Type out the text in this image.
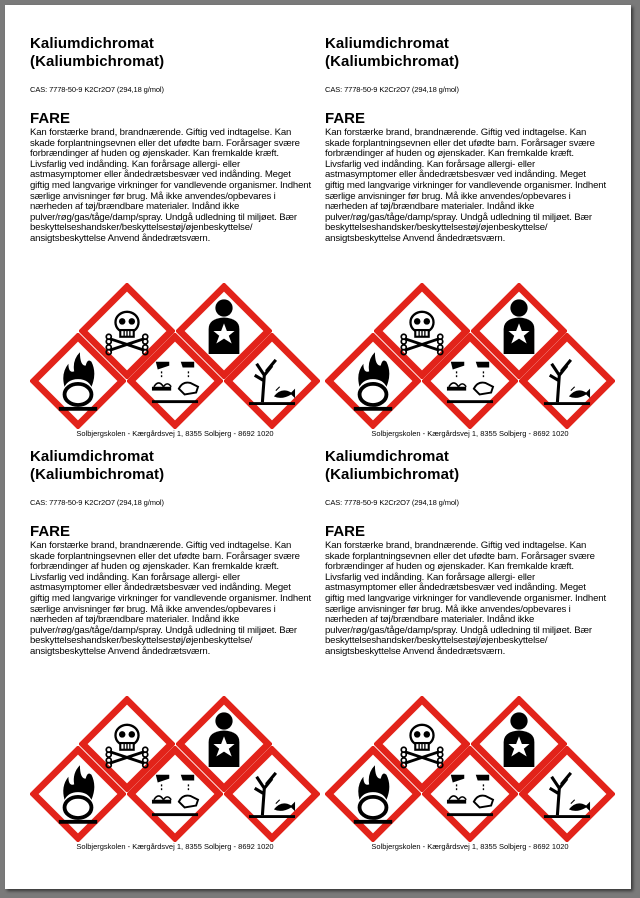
Kaliumdichromat
(Kaliumbichromat)
CAS: 7778-50-9 K2Cr2O7 (294,18 g/mol)
FARE
Kan forstærke brand, brandnærende. Giftig ved indtagelse. Kan skade forplantningsevnen eller det ufødte barn. Forårsager svære forbrændinger af huden og øjenskader. Kan fremkalde kræft. Livsfarlig ved indånding. Kan forårsage allergi- eller astmasymptomer eller åndedrætsbesvær ved indånding. Meget giftig med langvarige virkninger for vandlevende organismer. Indhent særlige anvisninger før brug. Må ikke anvendes/opbevares i nærheden af tøj/brændbare materialer. Indånd ikke pulver/røg/gas/tåge/damp/spray. Undgå udledning til miljøet. Bær beskyttelseshandsker/beskyttelsestøj/øjenbeskyttelse/ ansigtsbeskyttelse Anvend åndedrætsværn.
Solbjergskolen - Kærgårdsvej 1, 8355 Solbjerg - 8692 1020
Kaliumdichromat
(Kaliumbichromat)
CAS: 7778-50-9 K2Cr2O7 (294,18 g/mol)
FARE
Kan forstærke brand, brandnærende. Giftig ved indtagelse. Kan skade forplantningsevnen eller det ufødte barn. Forårsager svære forbrændinger af huden og øjenskader. Kan fremkalde kræft. Livsfarlig ved indånding. Kan forårsage allergi- eller astmasymptomer eller åndedrætsbesvær ved indånding. Meget giftig med langvarige virkninger for vandlevende organismer. Indhent særlige anvisninger før brug. Må ikke anvendes/opbevares i nærheden af tøj/brændbare materialer. Indånd ikke pulver/røg/gas/tåge/damp/spray. Undgå udledning til miljøet. Bær beskyttelseshandsker/beskyttelsestøj/øjenbeskyttelse/ ansigtsbeskyttelse Anvend åndedrætsværn.
Solbjergskolen - Kærgårdsvej 1, 8355 Solbjerg - 8692 1020
Kaliumdichromat
(Kaliumbichromat)
CAS: 7778-50-9 K2Cr2O7 (294,18 g/mol)
FARE
Kan forstærke brand, brandnærende. Giftig ved indtagelse. Kan skade forplantningsevnen eller det ufødte barn. Forårsager svære forbrændinger af huden og øjenskader. Kan fremkalde kræft. Livsfarlig ved indånding. Kan forårsage allergi- eller astmasymptomer eller åndedrætsbesvær ved indånding. Meget giftig med langvarige virkninger for vandlevende organismer. Indhent særlige anvisninger før brug. Må ikke anvendes/opbevares i nærheden af tøj/brændbare materialer. Indånd ikke pulver/røg/gas/tåge/damp/spray. Undgå udledning til miljøet. Bær beskyttelseshandsker/beskyttelsestøj/øjenbeskyttelse/ ansigtsbeskyttelse Anvend åndedrætsværn.
Solbjergskolen - Kærgårdsvej 1, 8355 Solbjerg - 8692 1020
Kaliumdichromat
(Kaliumbichromat)
CAS: 7778-50-9 K2Cr2O7 (294,18 g/mol)
FARE
Kan forstærke brand, brandnærende. Giftig ved indtagelse. Kan skade forplantningsevnen eller det ufødte barn. Forårsager svære forbrændinger af huden og øjenskader. Kan fremkalde kræft. Livsfarlig ved indånding. Kan forårsage allergi- eller astmasymptomer eller åndedrætsbesvær ved indånding. Meget giftig med langvarige virkninger for vandlevende organismer. Indhent særlige anvisninger før brug. Må ikke anvendes/opbevares i nærheden af tøj/brændbare materialer. Indånd ikke pulver/røg/gas/tåge/damp/spray. Undgå udledning til miljøet. Bær beskyttelseshandsker/beskyttelsestøj/øjenbeskyttelse/ ansigtsbeskyttelse Anvend åndedrætsværn.
Solbjergskolen - Kærgårdsvej 1, 8355 Solbjerg - 8692 1020
